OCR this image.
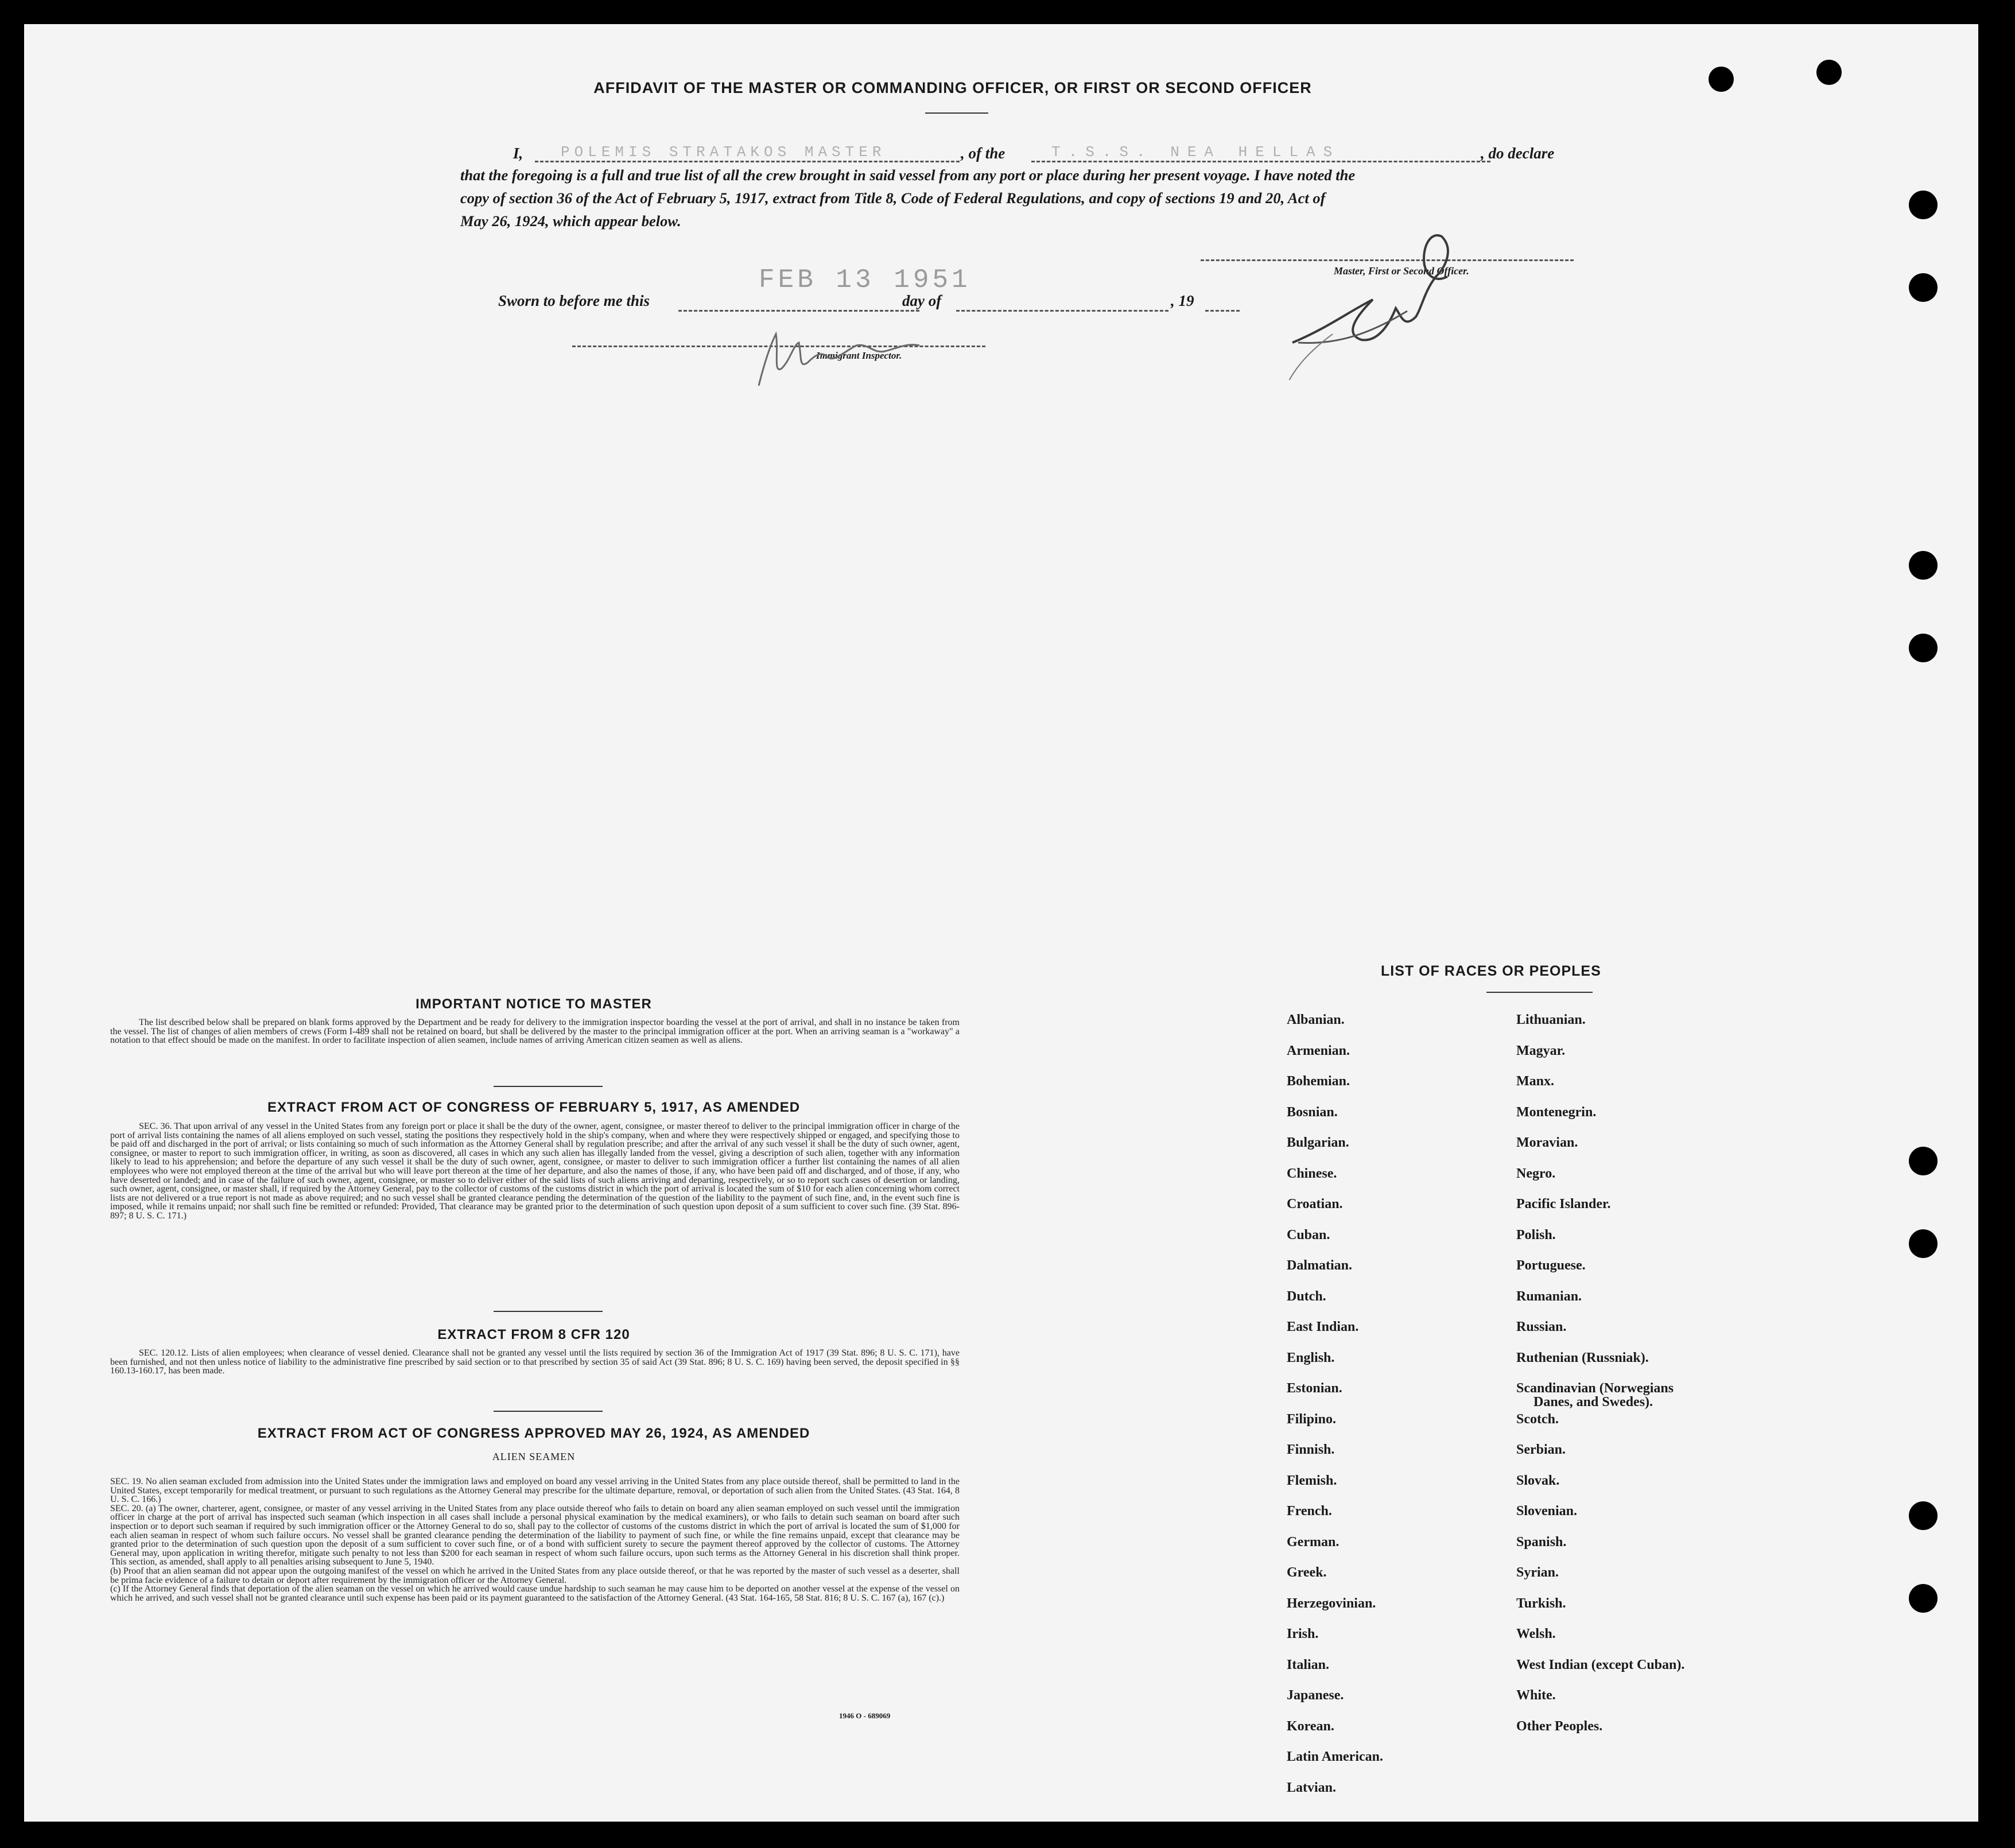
AFFIDAVIT OF THE MASTER OR COMMANDING OFFICER, OR FIRST OR SECOND OFFICER
I,	POLEMIS STRATAKOS MASTER	, of the	T.S.S. NEA HELLAS	, do declare
that the foregoing is a full and true list of all the crew brought in said vessel from any port or place during her present voyage. I have noted the
copy of section 36 of the Act of February 5, 1917, extract from Title 8, Code of Federal Regulations, and copy of sections 19 and 20, Act of
May 26, 1924, which appear below.
Sworn to before me this
FEB 13 1951
day of	, 19
Master, First or Second Officer.
Immigrant Inspector.
IMPORTANT NOTICE TO MASTER
The list described below shall be prepared on blank forms approved by the Department and be ready for delivery to the immigration inspector boarding the vessel at the port of arrival, and shall in no instance be taken from the vessel. The list of changes of alien members of crews (Form I-489 shall not be retained on board, but shall be delivered by the master to the principal immigration officer at the port. When an arriving seaman is a "workaway" a notation to that effect should be made on the manifest. In order to facilitate inspection of alien seamen, include names of arriving American citizen seamen as well as aliens.
EXTRACT FROM ACT OF CONGRESS OF FEBRUARY 5, 1917, AS AMENDED
SEC. 36. That upon arrival of any vessel in the United States from any foreign port or place it shall be the duty of the owner, agent, consignee, or master thereof to deliver to the principal immigration officer in charge of the port of arrival lists containing the names of all aliens employed on such vessel, stating the positions they respectively hold in the ship's company, when and where they were respectively shipped or engaged, and specifying those to be paid off and discharged in the port of arrival; or lists containing so much of such information as the Attorney General shall by regulation prescribe; and after the arrival of any such vessel it shall be the duty of such owner, agent, consignee, or master to report to such immigration officer, in writing, as soon as discovered, all cases in which any such alien has illegally landed from the vessel, giving a description of such alien, together with any information likely to lead to his apprehension; and before the departure of any such vessel it shall be the duty of such owner, agent, consignee, or master to deliver to such immigration officer a further list containing the names of all alien employees who were not employed thereon at the time of the arrival but who will leave port thereon at the time of her departure, and also the names of those, if any, who have been paid off and discharged, and of those, if any, who have deserted or landed; and in case of the failure of such owner, agent, consignee, or master so to deliver either of the said lists of such aliens arriving and departing, respectively, or so to report such cases of desertion or landing, such owner, agent, consignee, or master shall, if required by the Attorney General, pay to the collector of customs of the customs district in which the port of arrival is located the sum of $10 for each alien concerning whom correct lists are not delivered or a true report is not made as above required; and no such vessel shall be granted clearance pending the determination of the question of the liability to the payment of such fine, and, in the event such fine is imposed, while it remains unpaid; nor shall such fine be remitted or refunded: Provided, That clearance may be granted prior to the determination of such question upon deposit of a sum sufficient to cover such fine. (39 Stat. 896-897; 8 U. S. C. 171.)
EXTRACT FROM 8 CFR 120
SEC. 120.12. Lists of alien employees; when clearance of vessel denied. Clearance shall not be granted any vessel until the lists required by section 36 of the Immigration Act of 1917 (39 Stat. 896; 8 U. S. C. 171), have been furnished, and not then unless notice of liability to the administrative fine prescribed by said section or to that prescribed by section 35 of said Act (39 Stat. 896; 8 U. S. C. 169) having been served, the deposit specified in §§ 160.13-160.17, has been made.
EXTRACT FROM ACT OF CONGRESS APPROVED MAY 26, 1924, AS AMENDED
ALIEN SEAMEN
SEC. 19. No alien seaman excluded from admission into the United States under the immigration laws and employed on board any vessel arriving in the United States from any place outside thereof, shall be permitted to land in the United States, except temporarily for medical treatment, or pursuant to such regulations as the Attorney General may prescribe for the ultimate departure, removal, or deportation of such alien from the United States. (43 Stat. 164, 8 U. S. C. 166.)
SEC. 20. (a) The owner, charterer, agent, consignee, or master of any vessel arriving in the United States from any place outside thereof who fails to detain on board any alien seaman employed on such vessel until the immigration officer in charge at the port of arrival has inspected such seaman (which inspection in all cases shall include a personal physical examination by the medical examiners), or who fails to detain such seaman on board after such inspection or to deport such seaman if required by such immigration officer or the Attorney General to do so, shall pay to the collector of customs of the customs district in which the port of arrival is located the sum of $1,000 for each alien seaman in respect of whom such failure occurs. No vessel shall be granted clearance pending the determination of the liability to payment of such fine, or while the fine remains unpaid, except that clearance may be granted prior to the determination of such question upon the deposit of a sum sufficient to cover such fine, or of a bond with sufficient surety to secure the payment thereof approved by the collector of customs. The Attorney General may, upon application in writing therefor, mitigate such penalty to not less than $200 for each seaman in respect of whom such failure occurs, upon such terms as the Attorney General in his discretion shall think proper. This section, as amended, shall apply to all penalties arising subsequent to June 5, 1940.
(b) Proof that an alien seaman did not appear upon the outgoing manifest of the vessel on which he arrived in the United States from any place outside thereof, or that he was reported by the master of such vessel as a deserter, shall be prima facie evidence of a failure to detain or deport after requirement by the immigration officer or the Attorney General.
(c) If the Attorney General finds that deportation of the alien seaman on the vessel on which he arrived would cause undue hardship to such seaman he may cause him to be deported on another vessel at the expense of the vessel on which he arrived, and such vessel shall not be granted clearance until such expense has been paid or its payment guaranteed to the satisfaction of the Attorney General. (43 Stat. 164-165, 58 Stat. 816; 8 U. S. C. 167 (a), 167 (c).)
1946 O - 689069
LIST OF RACES OR PEOPLES
Albanian.
Armenian.
Bohemian.
Bosnian.
Bulgarian.
Chinese.
Croatian.
Cuban.
Dalmatian.
Dutch.
East Indian.
English.
Estonian.
Filipino.
Finnish.
Flemish.
French.
German.
Greek.
Herzegovinian.
Irish.
Italian.
Japanese.
Korean.
Latin American.
Latvian.
Lithuanian.
Magyar.
Manx.
Montenegrin.
Moravian.
Negro.
Pacific Islander.
Polish.
Portuguese.
Rumanian.
Russian.
Ruthenian (Russniak).
Scandinavian (Norwegians
Danes, and Swedes).
Scotch.
Serbian.
Slovak.
Slovenian.
Spanish.
Syrian.
Turkish.
Welsh.
West Indian (except Cuban).
White.
Other Peoples.
